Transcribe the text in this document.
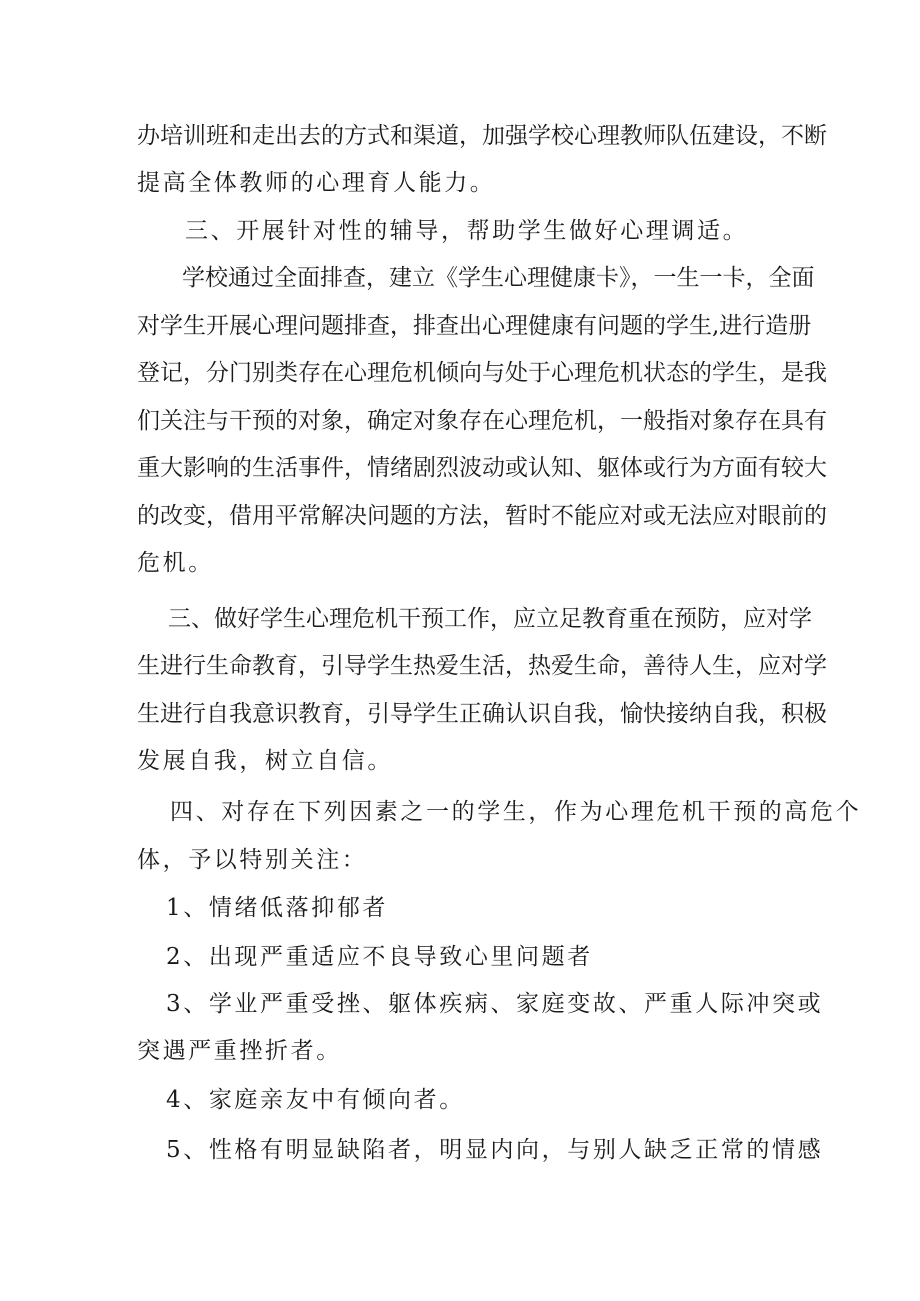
办培训班和走出去的方式和渠道，加强学校心理教师队伍建设，不断
提高全体教师的心理育人能力。
三、开展针对性的辅导，帮助学生做好心理调适。
学校通过全面排查，建立《学生心理健康卡》，一生一卡，全面
对学生开展心理问题排查，排查出心理健康有问题的学生,进行造册
登记，分门别类存在心理危机倾向与处于心理危机状态的学生，是我
们关注与干预的对象，确定对象存在心理危机，一般指对象存在具有
重大影响的生活事件，情绪剧烈波动或认知、躯体或行为方面有较大
的改变，借用平常解决问题的方法，暂时不能应对或无法应对眼前的
危机。
三、做好学生心理危机干预工作，应立足教育重在预防，应对学
生进行生命教育，引导学生热爱生活，热爱生命，善待人生，应对学
生进行自我意识教育，引导学生正确认识自我，愉快接纳自我，积极
发展自我，树立自信。
四、对存在下列因素之一的学生，作为心理危机干预的高危个
体，予以特别关注：
1、情绪低落抑郁者
2、出现严重适应不良导致心里问题者
3、学业严重受挫、躯体疾病、家庭变故、严重人际冲突或
突遇严重挫折者。
4、家庭亲友中有倾向者。
5、性格有明显缺陷者，明显内向，与别人缺乏正常的情感
